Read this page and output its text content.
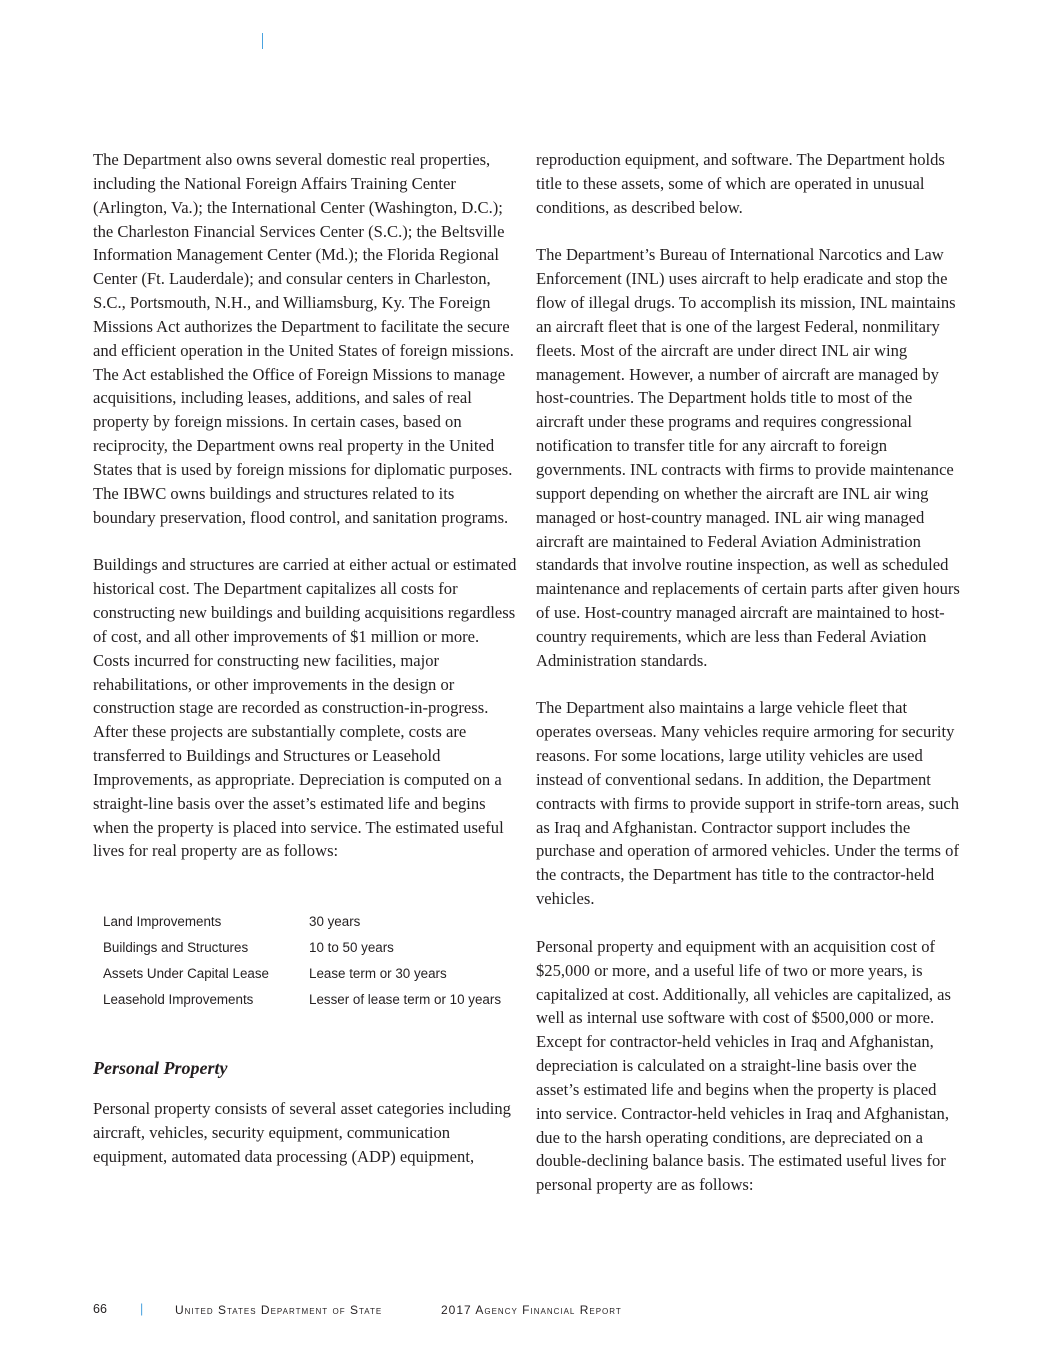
The Department also owns several domestic real properties, including the National Foreign Affairs Training Center (Arlington, Va.); the International Center (Washington, D.C.); the Charleston Financial Services Center (S.C.); the Beltsville Information Management Center (Md.); the Florida Regional Center (Ft. Lauderdale); and consular centers in Charleston, S.C., Portsmouth, N.H., and Williamsburg, Ky. The Foreign Missions Act authorizes the Department to facilitate the secure and efficient operation in the United States of foreign missions. The Act established the Office of Foreign Missions to manage acquisitions, including leases, additions, and sales of real property by foreign missions. In certain cases, based on reciprocity, the Department owns real property in the United States that is used by foreign missions for diplomatic purposes. The IBWC owns buildings and structures related to its boundary preservation, flood control, and sanitation programs.

Buildings and structures are carried at either actual or estimated historical cost. The Department capitalizes all costs for constructing new buildings and building acquisitions regardless of cost, and all other improvements of $1 million or more. Costs incurred for constructing new facilities, major rehabilitations, or other improvements in the design or construction stage are recorded as construction-in-progress. After these projects are substantially complete, costs are transferred to Buildings and Structures or Leasehold Improvements, as appropriate. Depreciation is computed on a straight-line basis over the asset’s estimated life and begins when the property is placed into service. The estimated useful lives for real property are as follows:

Land Improvements	30 years
Buildings and Structures	10 to 50 years
Assets Under Capital Lease	Lease term or 30 years
Leasehold Improvements	Lesser of lease term or 10 years
Personal Property

Personal property consists of several asset categories including aircraft, vehicles, security equipment, communication equipment, automated data processing (ADP) equipment,

reproduction equipment, and software. The Department holds title to these assets, some of which are operated in unusual conditions, as described below.

The Department’s Bureau of International Narcotics and Law Enforcement (INL) uses aircraft to help eradicate and stop the flow of illegal drugs. To accomplish its mission, INL maintains an aircraft fleet that is one of the largest Federal, nonmilitary fleets. Most of the aircraft are under direct INL air wing management. However, a number of aircraft are managed by host-countries. The Department holds title to most of the aircraft under these programs and requires congressional notification to transfer title for any aircraft to foreign governments. INL contracts with firms to provide maintenance support depending on whether the aircraft are INL air wing managed or host-country managed. INL air wing managed aircraft are maintained to Federal Aviation Administration standards that involve routine inspection, as well as scheduled maintenance and replacements of certain parts after given hours of use. Host-country managed aircraft are maintained to host-country requirements, which are less than Federal Aviation Administration standards.

The Department also maintains a large vehicle fleet that operates overseas. Many vehicles require armoring for security reasons. For some locations, large utility vehicles are used instead of conventional sedans. In addition, the Department contracts with firms to provide support in strife-torn areas, such as Iraq and Afghanistan. Contractor support includes the purchase and operation of armored vehicles. Under the terms of the contracts, the Department has title to the contractor-held vehicles.

Personal property and equipment with an acquisition cost of $25,000 or more, and a useful life of two or more years, is capitalized at cost. Additionally, all vehicles are capitalized, as well as internal use software with cost of $500,000 or more. Except for contractor-held vehicles in Iraq and Afghanistan, depreciation is calculated on a straight-line basis over the asset’s estimated life and begins when the property is placed into service. Contractor-held vehicles in Iraq and Afghanistan, due to the harsh operating conditions, are depreciated on a double-declining balance basis. The estimated useful lives for personal property are as follows:

66	|	United States Department of State	2017 Agency Financial Report
